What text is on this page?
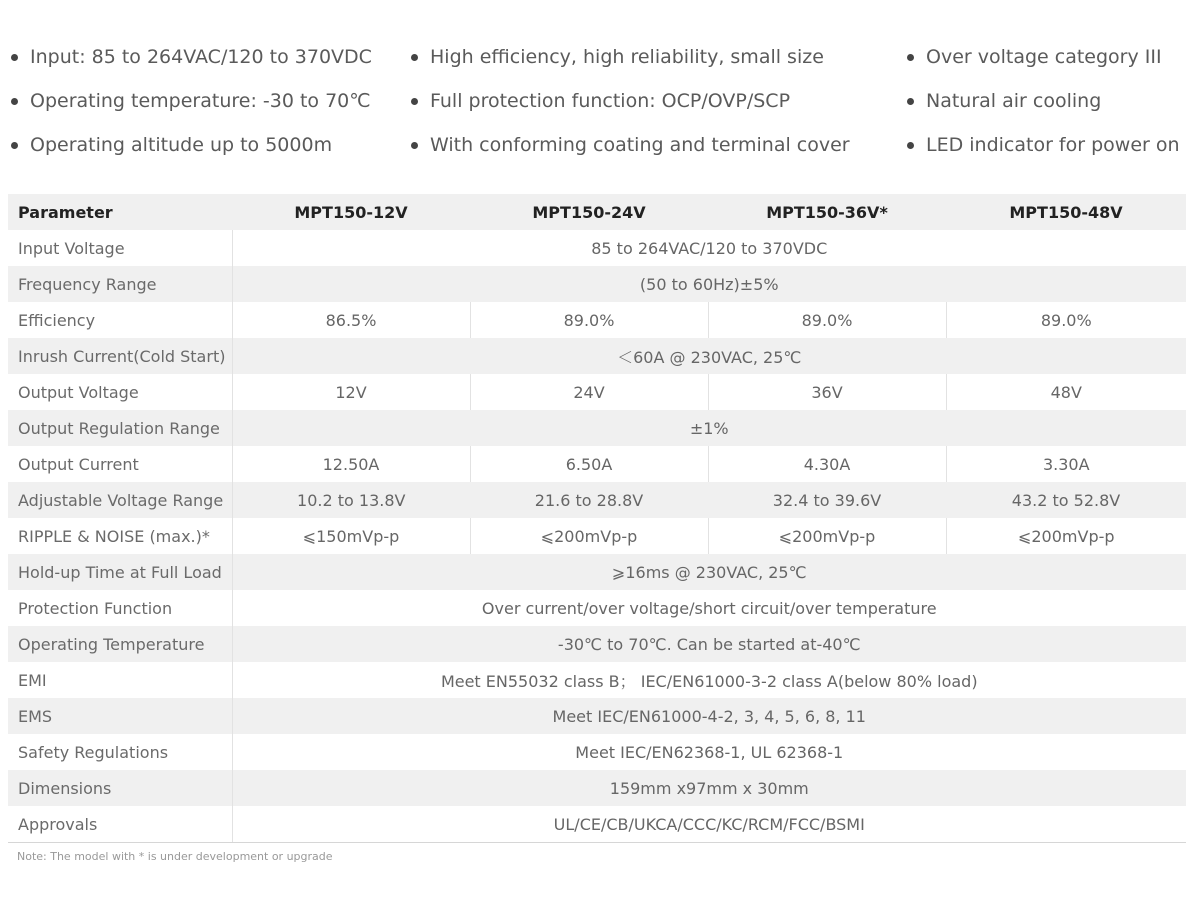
Input: 85 to 264VAC/120 to 370VDC
Operating temperature: -30 to 70℃
Operating altitude up to 5000m
High efficiency, high reliability, small size
Full protection function: OCP/OVP/SCP
With conforming coating and terminal cover
Over voltage category III
Natural air cooling
LED indicator for power on
Parameter	MPT150-12V	MPT150-24V	MPT150-36V*	MPT150-48V
Input Voltage	85 to 264VAC/120 to 370VDC			
Frequency Range	(50 to 60Hz)±5%			
Efficiency	86.5%	89.0%	89.0%	89.0%
Inrush Current(Cold Start)	＜60A @ 230VAC, 25℃			
Output Voltage	12V	24V	36V	48V
Output Regulation Range	±1%			
Output Current	12.50A	6.50A	4.30A	3.30A
Adjustable Voltage Range	10.2 to 13.8V	21.6 to 28.8V	32.4 to 39.6V	43.2 to 52.8V
RIPPLE & NOISE (max.)*	⩽150mVp-p	⩽200mVp-p	⩽200mVp-p	⩽200mVp-p
Hold-up Time at Full Load	⩾16ms @ 230VAC, 25℃			
Protection Function	Over current/over voltage/short circuit/over temperature			
Operating Temperature	-30℃ to 70℃. Can be started at-40℃			
EMI	Meet EN55032 class B； IEC/EN61000-3-2 class A(below 80% load)			
EMS	Meet IEC/EN61000-4-2, 3, 4, 5, 6, 8, 11			
Safety Regulations	Meet IEC/EN62368-1, UL 62368-1			
Dimensions	159mm x97mm x 30mm			
Approvals	UL/CE/CB/UKCA/CCC/KC/RCM/FCC/BSMI			
Note: The model with * is under development or upgrade
